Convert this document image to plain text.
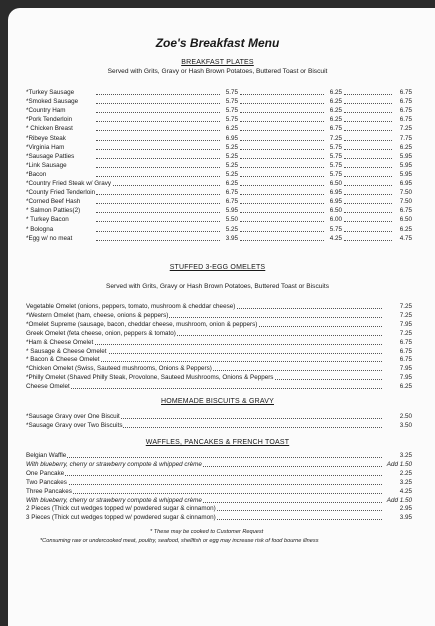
Zoe's Breakfast Menu
BREAKFAST PLATES
Served with Grits, Gravy or Hash Brown Potatoes, Buttered Toast or Biscuit
*Turkey Sausage	5.75	6.25	6.75
*Smoked Sausage	5.75	6.25	6.75
*Country Ham	5.75	6.25	6.75
*Pork Tenderloin	5.75	6.25	6.75
* Chicken Breast	6.25	6.75	7.25
*Ribeye Steak	6.95	7.25	7.75
*Virginia Ham	5.25	5.75	6.25
*Sausage Patties	5.25	5.75	5.95
*Link Sausage	5.25	5.75	5.95
*Bacon	5.25	5.75	5.95
*Country Fried Steak w/ Gravy	6.25	6.50	6.95
*County Fried Tenderloin	6.75	6.95	7.50
*Corned Beef Hash	6.75	6.95	7.50
* Salmon Patties(2)	5.95	6.50	6.75
* Turkey Bacon	5.50	6.00	6.50
* Bologna	5.25	5.75	6.25
*Egg w/ no meat	3.95	4.25	4.75
STUFFED 3-EGG OMELETS
Served with Grits, Gravy or Hash Brown Potatoes, Buttered Toast or Biscuits
Vegetable Omelet (onions, peppers, tomato, mushroom & cheddar cheese)	7.25
*Western Omelet (ham, cheese, onions & peppers)	7.25
*Omelet Supreme (sausage, bacon, cheddar cheese, mushroom, onion & peppers)	7.95
Greek Omelet (feta cheese, onion, peppers & tomato)	7.25
*Ham & Cheese Omelet	6.75
* Sausage & Cheese Omelet	6.75
* Bacon & Cheese Omelet	6.75
*Chicken Omelet (Swiss, Sauteed mushrooms, Onions & Peppers)	7.95
*Philly Omelet (Shaved Philly Steak, Provolone, Sauteed Mushrooms, Onions & Peppers	7.95
Cheese Omelet	6.25
HOMEMADE BISCUITS & GRAVY
*Sausage Gravy over One Biscuit	2.50
*Sausage Gravy over Two Biscuits	3.50
WAFFLES, PANCAKES & FRENCH TOAST
Belgian Waffle	3.25
With blueberry, cherry or strawberry compote & whipped crème	Add 1.50
One Pancake	2.25
Two Pancakes	3.25
Three Pancakes	4.25
With blueberry, cherry or strawberry compote & whipped crème	Add 1.50
2 Pieces (Thick cut wedges topped w/ powdered sugar & cinnamon)	2.95
3 Pieces (Thick cut wedges topped w/ powdered sugar & cinnamon)	3.95
* These may be cooked to Customer Request
*Consuming raw or undercooked meat, poultry, seafood, shellfish or egg may increase risk of food bourne illness
